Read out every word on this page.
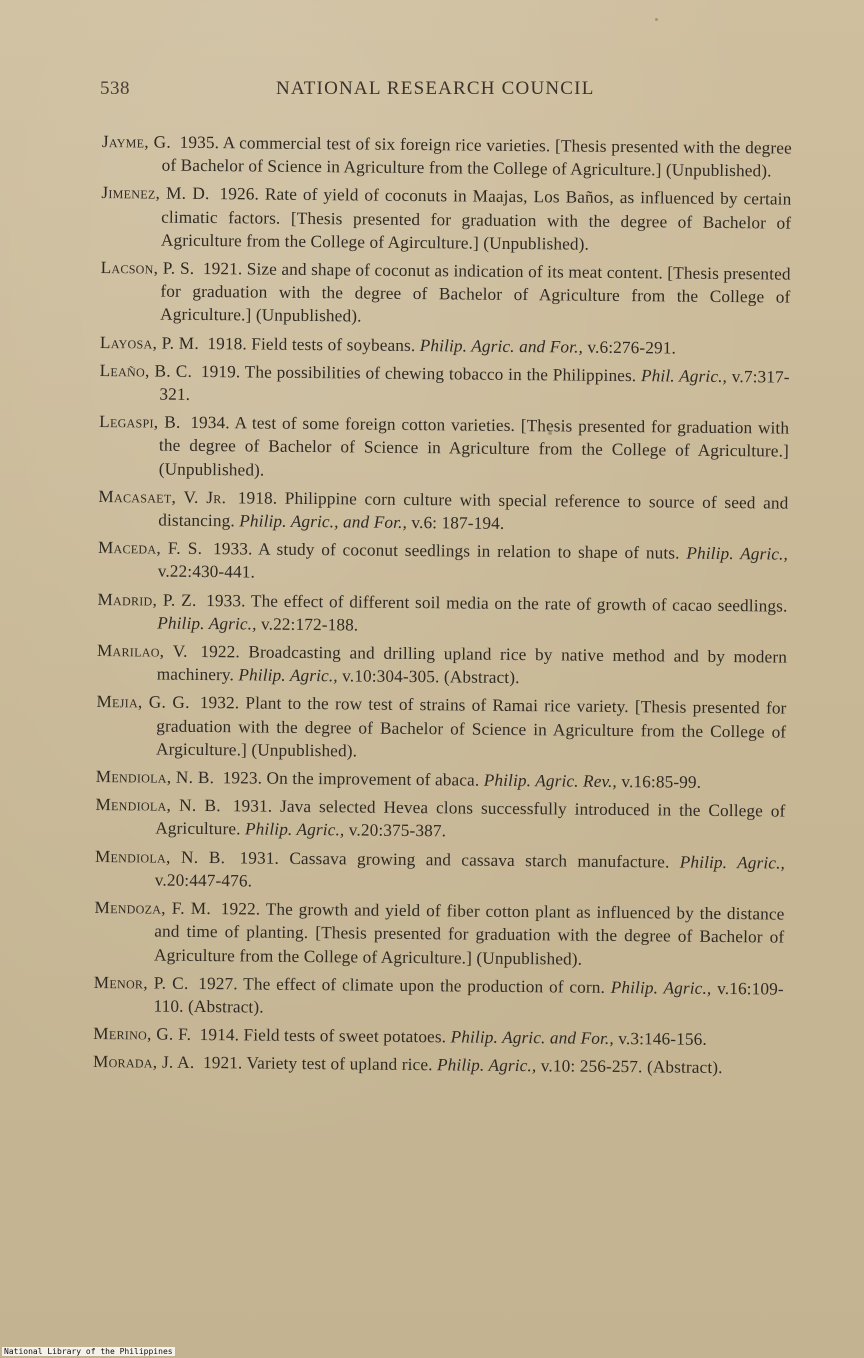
538	NATIONAL RESEARCH COUNCIL

Jayme, G. 1935. A commercial test of six foreign rice varieties. [Thesis presented with the degree of Bachelor of Science in Agriculture from the College of Agriculture.] (Unpublished).

Jimenez, M. D. 1926. Rate of yield of coconuts in Maajas, Los Baños, as influenced by certain climatic factors. [Thesis presented for graduation with the degree of Bachelor of Agriculture from the College of Agirculture.] (Unpublished).

Lacson, P. S. 1921. Size and shape of coconut as indication of its meat content. [Thesis presented for graduation with the degree of Bachelor of Agriculture from the College of Agriculture.] (Unpublished).

Layosa, P. M. 1918. Field tests of soybeans. Philip. Agric. and For., v.6:276-291.

Leaño, B. C. 1919. The possibilities of chewing tobacco in the Philippines. Phil. Agric., v.7:317-321.

Legaspi, B. 1934. A test of some foreign cotton varieties. [Thesis presented for graduation with the degree of Bachelor of Science in Agriculture from the College of Agriculture.] (Unpublished).

Macasaet, V. Jr. 1918. Philippine corn culture with special reference to source of seed and distancing. Philip. Agric., and For., v.6: 187-194.

Maceda, F. S. 1933. A study of coconut seedlings in relation to shape of nuts. Philip. Agric., v.22:430-441.

Madrid, P. Z. 1933. The effect of different soil media on the rate of growth of cacao seedlings. Philip. Agric., v.22:172-188.

Marilao, V. 1922. Broadcasting and drilling upland rice by native method and by modern machinery. Philip. Agric., v.10:304-305. (Abstract).

Mejia, G. G. 1932. Plant to the row test of strains of Ramai rice variety. [Thesis presented for graduation with the degree of Bachelor of Science in Agriculture from the College of Argiculture.] (Unpublished).

Mendiola, N. B. 1923. On the improvement of abaca. Philip. Agric. Rev., v.16:85-99.

Mendiola, N. B. 1931. Java selected Hevea clons successfully introduced in the College of Agriculture. Philip. Agric., v.20:375-387.

Mendiola, N. B. 1931. Cassava growing and cassava starch manufacture. Philip. Agric., v.20:447-476.

Mendoza, F. M. 1922. The growth and yield of fiber cotton plant as influenced by the distance and time of planting. [Thesis presented for graduation with the degree of Bachelor of Agriculture from the College of Agriculture.] (Unpublished).

Menor, P. C. 1927. The effect of climate upon the production of corn. Philip. Agric., v.16:109-110. (Abstract).

Merino, G. F. 1914. Field tests of sweet potatoes. Philip. Agric. and For., v.3:146-156.

Morada, J. A. 1921. Variety test of upland rice. Philip. Agric., v.10: 256-257. (Abstract).

National Library of the Philippines
